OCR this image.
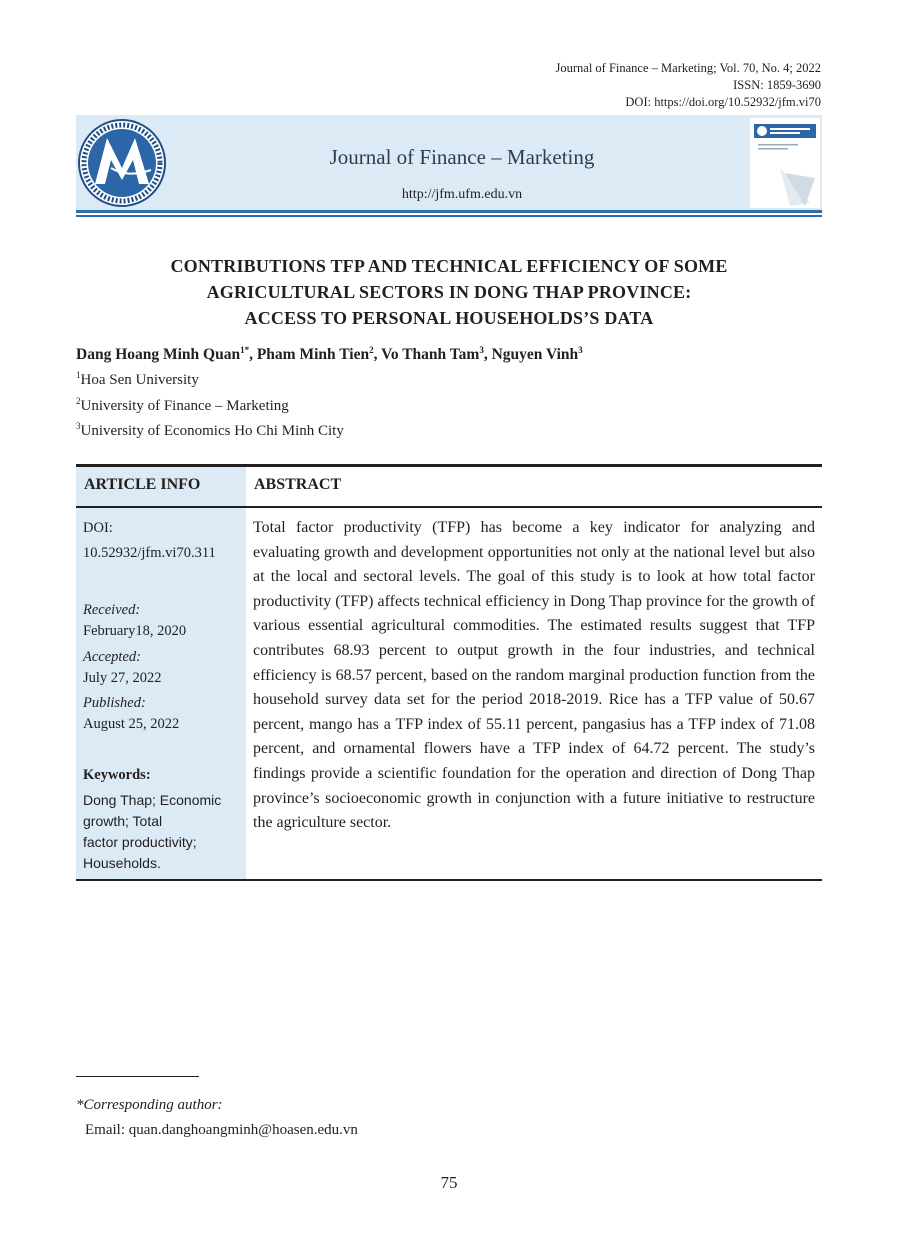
Journal of Finance – Marketing; Vol. 70, No. 4; 2022
ISSN: 1859-3690
DOI: https://doi.org/10.52932/jfm.vi70
Journal of Finance – Marketing
http://jfm.ufm.edu.vn
CONTRIBUTIONS TFP AND TECHNICAL EFFICIENCY OF SOME
AGRICULTURAL SECTORS IN DONG THAP PROVINCE:
ACCESS TO PERSONAL HOUSEHOLDS’S DATA
Dang Hoang Minh Quan$^{1*}$, Pham Minh Tien$^2$, Vo Thanh Tam$^3$, Nguyen Vinh$^3$
$^1$Hoa Sen University
$^2$University of Finance – Marketing
$^3$University of Economics Ho Chi Minh City
ARTICLE INFO	ABSTRACT
DOI:
10.52932/jfm.vi70.311
Received:
February18, 2020
Accepted:
July 27, 2022
Published:
August 25, 2022
Keywords:
Dong Thap; Economic
growth; Total
factor productivity;
Households.
Total factor productivity (TFP) has become a key indicator for analyzing and evaluating growth and development opportunities not only at the national level but also at the local and sectoral levels. The goal of this study is to look at how total factor productivity (TFP) affects technical efficiency in Dong Thap province for the growth of various essential agricultural commodities. The estimated results suggest that TFP contributes 68.93 percent to output growth in the four industries, and technical efficiency is 68.57 percent, based on the random marginal production function from the household survey data set for the period 2018-2019. Rice has a TFP value of 50.67 percent, mango has a TFP index of 55.11 percent, pangasius has a TFP index of 71.08 percent, and ornamental flowers have a TFP index of 64.72 percent. The study’s findings provide a scientific foundation for the operation and direction of Dong Thap province’s socioeconomic growth in conjunction with a future initiative to restructure the agriculture sector.
*Corresponding author:
Email: quan.danghoangminh@hoasen.edu.vn
75
